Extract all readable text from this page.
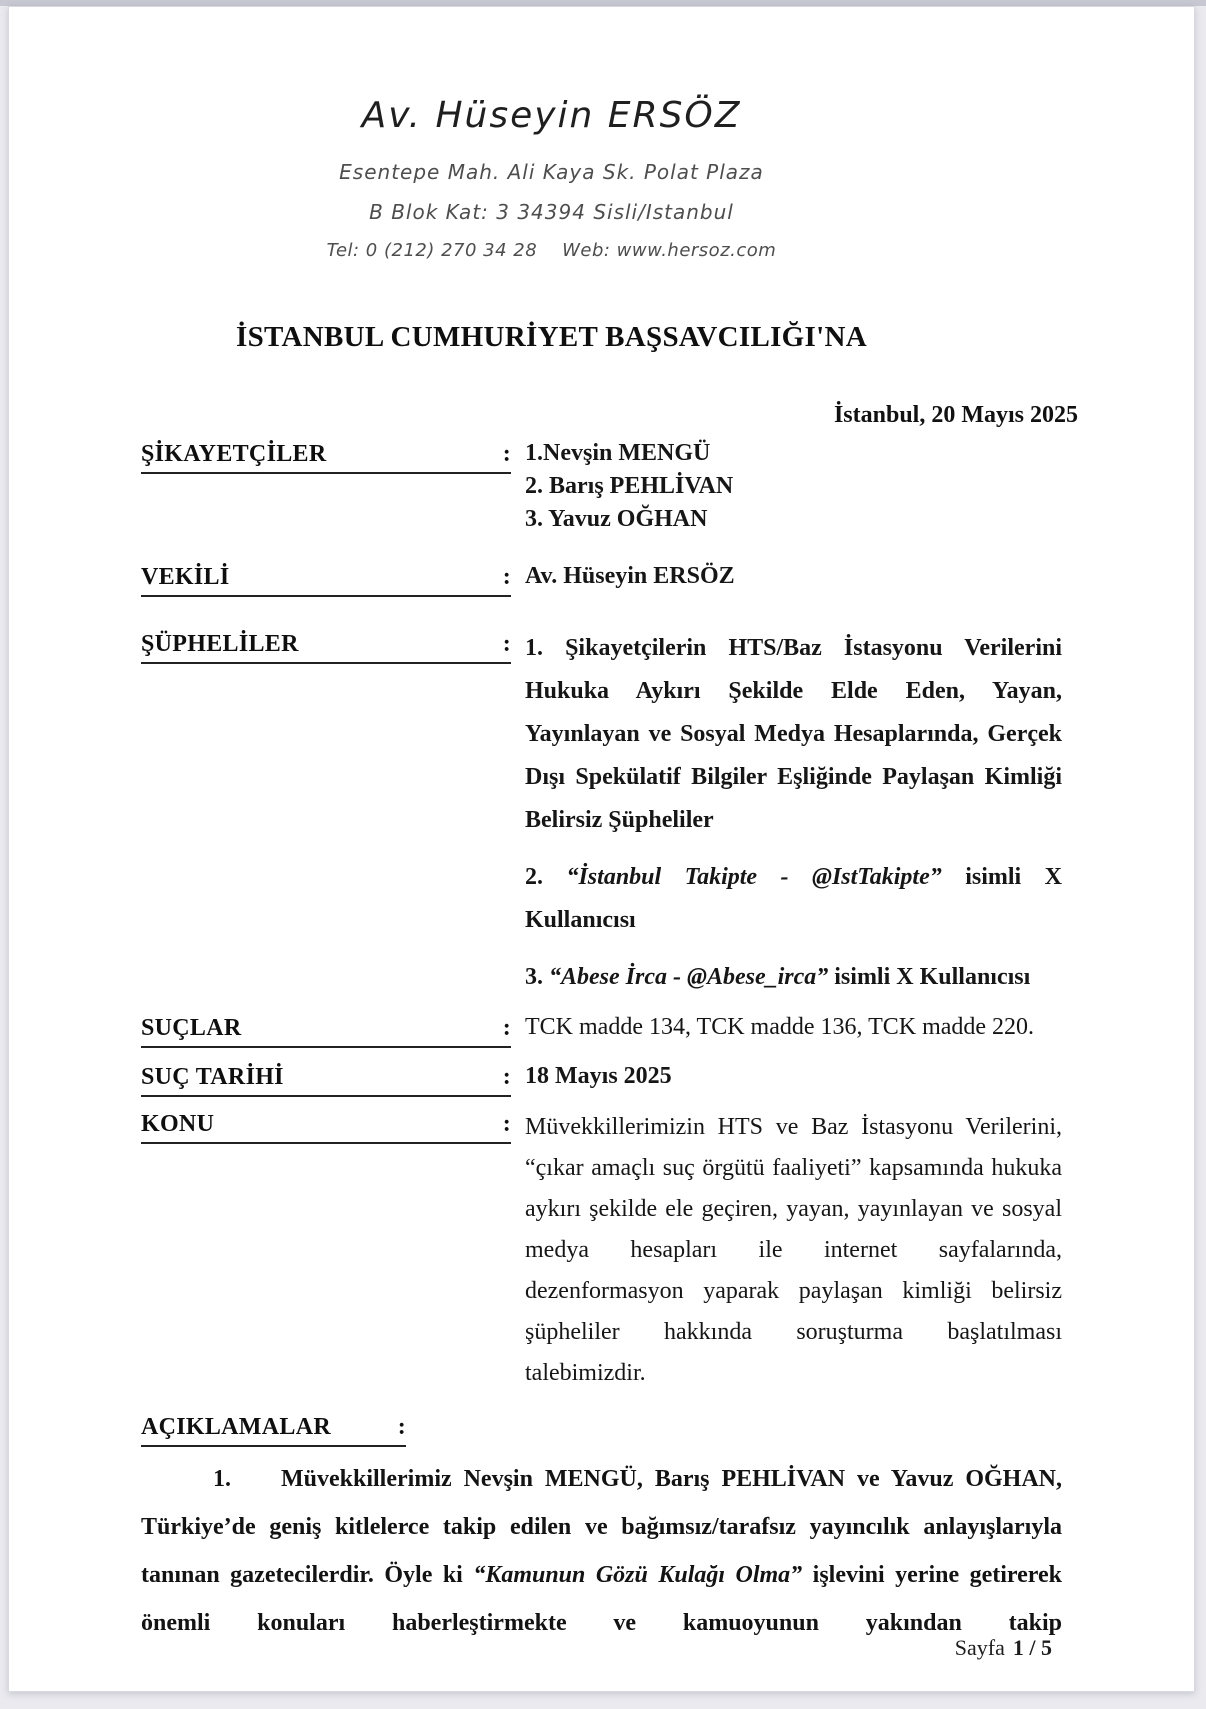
Av. Hüseyin ERSÖZ
Esentepe Mah. Ali Kaya Sk. Polat Plaza
B Blok Kat: 3 34394 Sisli/Istanbul
Tel: 0 (212) 270 34 28    Web: www.hersoz.com
İSTANBUL CUMHURİYET BAŞSAVCILIĞI'NA
İstanbul, 20 Mayıs 2025
ŞİKAYETÇİLER	: 1.Nevşin MENGÜ
2. Barış PEHLİVAN
3. Yavuz OĞHAN
VEKİLİ	: Av. Hüseyin ERSÖZ
ŞÜPHELİLER	: 1. Şikayetçilerin HTS/Baz İstasyonu Verilerini Hukuka Aykırı Şekilde Elde Eden, Yayan, Yayınlayan ve Sosyal Medya Hesaplarında, Gerçek Dışı Spekülatif Bilgiler Eşliğinde Paylaşan Kimliği Belirsiz Şüpheliler

2. “İstanbul Takipte - @IstTakipte” isimli X Kullanıcısı

3. “Abese İrca - @Abese_irca” isimli X Kullanıcısı

SUÇLAR	: TCK madde 134, TCK madde 136, TCK madde 220.
SUÇ TARİHİ	: 18 Mayıs 2025
KONU	: Müvekkillerimizin HTS ve Baz İstasyonu Verilerini, “çıkar amaçlı suç örgütü faaliyeti” kapsamında hukuka aykırı şekilde ele geçiren, yayan, yayınlayan ve sosyal medya hesapları ile internet sayfalarında, dezenformasyon yaparak paylaşan kimliği belirsiz şüpheliler hakkında soruşturma başlatılması talebimizdir.

AÇIKLAMALAR	:

1. Müvekkillerimiz Nevşin MENGÜ, Barış PEHLİVAN ve Yavuz OĞHAN, Türkiye’de geniş kitlelerce takip edilen ve bağımsız/tarafsız yayıncılık anlayışlarıyla tanınan gazetecilerdir. Öyle ki “Kamunun Gözü Kulağı Olma” işlevini yerine getirerek önemli konuları haberleştirmekte ve kamuoyunun yakından takip

Sayfa 1 / 5
